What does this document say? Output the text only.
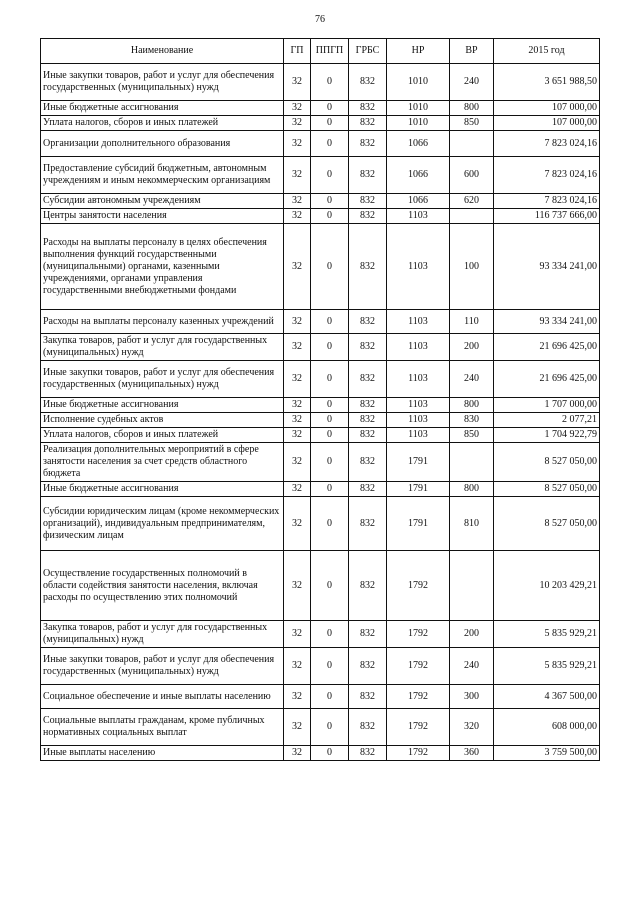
76
Наименование	ГП	ППГП	ГРБС	НР	ВР	2015 год
Иные закупки товаров, работ и услуг для обеспечения государственных (муниципальных) нужд	32	0	832	1010	240	3 651 988,50
Иные бюджетные ассигнования	32	0	832	1010	800	107 000,00
Уплата налогов, сборов и иных платежей	32	0	832	1010	850	107 000,00
Организации дополнительного образования	32	0	832	1066		7 823 024,16
Предоставление субсидий бюджетным, автономным учреждениям и иным некоммерческим организациям	32	0	832	1066	600	7 823 024,16
Субсидии автономным учреждениям	32	0	832	1066	620	7 823 024,16
Центры занятости населения	32	0	832	1103		116 737 666,00
Расходы на выплаты персоналу в целях обеспечения выполнения функций государственными (муниципальными) органами, казенными учреждениями, органами управления государственными внебюджетными фондами	32	0	832	1103	100	93 334 241,00
Расходы на выплаты персоналу казенных учреждений	32	0	832	1103	110	93 334 241,00
Закупка товаров, работ и услуг для государственных (муниципальных) нужд	32	0	832	1103	200	21 696 425,00
Иные закупки товаров, работ и услуг для обеспечения государственных (муниципальных) нужд	32	0	832	1103	240	21 696 425,00
Иные бюджетные ассигнования	32	0	832	1103	800	1 707 000,00
Исполнение судебных актов	32	0	832	1103	830	2 077,21
Уплата налогов, сборов и иных платежей	32	0	832	1103	850	1 704 922,79
Реализация дополнительных мероприятий в сфере занятости населения за счет средств областного бюджета	32	0	832	1791		8 527 050,00
Иные бюджетные ассигнования	32	0	832	1791	800	8 527 050,00
Субсидии юридическим лицам (кроме некоммерческих организаций), индивидуальным предпринимателям, физическим лицам	32	0	832	1791	810	8 527 050,00
Осуществление государственных полномочий в области содействия занятости населения, включая расходы по осуществлению этих полномочий	32	0	832	1792		10 203 429,21
Закупка товаров, работ и услуг для государственных (муниципальных) нужд	32	0	832	1792	200	5 835 929,21
Иные закупки товаров, работ и услуг для обеспечения государственных (муниципальных) нужд	32	0	832	1792	240	5 835 929,21
Социальное обеспечение и иные выплаты населению	32	0	832	1792	300	4 367 500,00
Социальные выплаты гражданам, кроме публичных нормативных социальных выплат	32	0	832	1792	320	608 000,00
Иные выплаты населению	32	0	832	1792	360	3 759 500,00
